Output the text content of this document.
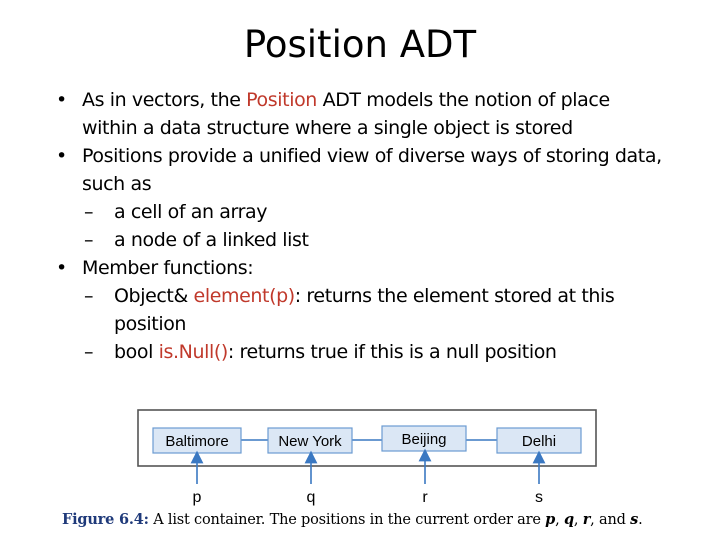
Position ADT
• As in vectors, the Position ADT models the notion of place within a data structure where a single object is stored
• Positions provide a unified view of diverse ways of storing data, such as
– a cell of an array
– a node of a linked list
• Member functions:
– Object& element(p): returns the element stored at this position
– bool is.Null(): returns true if this is a null position
Baltimore	New York	Beijing	Delhi
p	q	r	s
Figure 6.4: A list container. The positions in the current order are p, q, r, and s.
